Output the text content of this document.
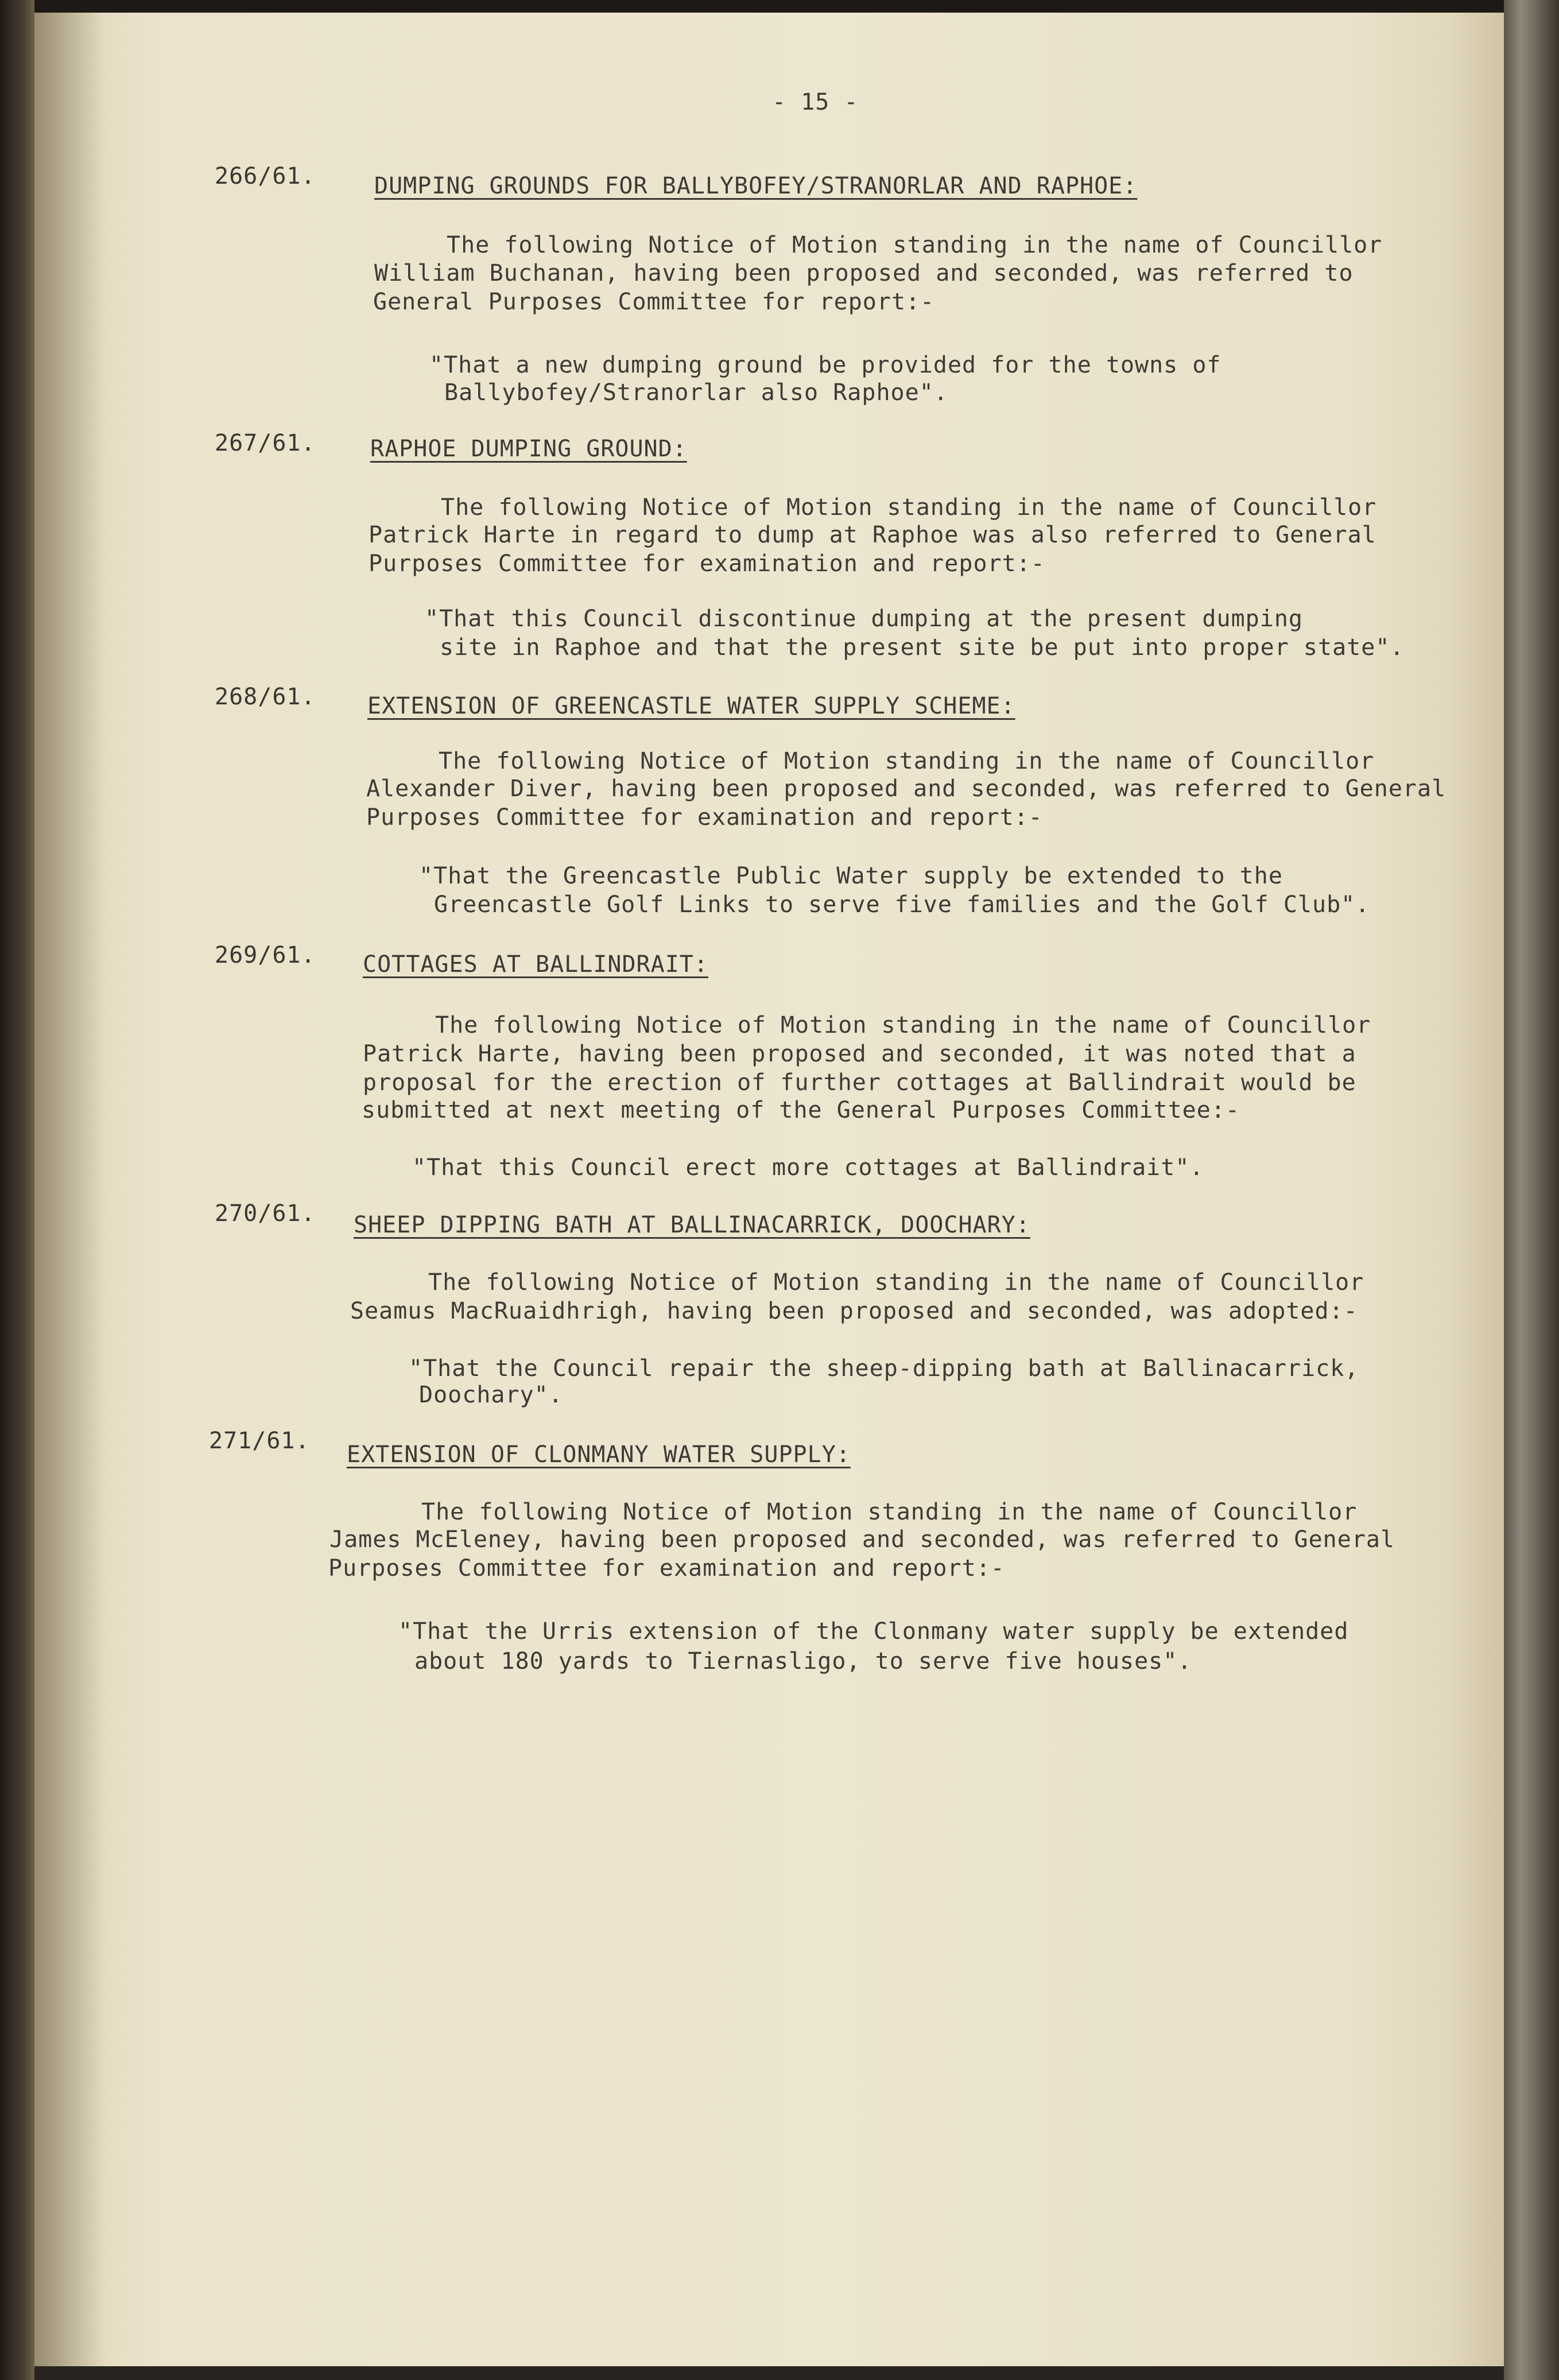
- 15 -
266/61.	DUMPING GROUNDS FOR BALLYBOFEY/STRANORLAR AND RAPHOE:
The following Notice of Motion standing in the name of Councillor
William Buchanan, having been proposed and seconded, was referred to
General Purposes Committee for report:-
"That a new dumping ground be provided for the towns of
Ballybofey/Stranorlar also Raphoe".
267/61. RAPHOE DUMPING GROUND:
The following Notice of Motion standing in the name of Councillor
Patrick Harte in regard to dump at Raphoe was also referred to General
Purposes Committee for examination and report:-
"That this Council discontinue dumping at the present dumping
site in Raphoe and that the present site be put into proper state".
268/61. EXTENSION OF GREENCASTLE WATER SUPPLY SCHEME:
The following Notice of Motion standing in the name of Councillor
Alexander Diver, having been proposed and seconded, was referred to General
Purposes Committee for examination and report:-
"That the Greencastle Public Water supply be extended to the
Greencastle Golf Links to serve five families and the Golf Club".
269/61. COTTAGES AT BALLINDRAIT:
The following Notice of Motion standing in the name of Councillor
Patrick Harte, having been proposed and seconded, it was noted that a
proposal for the erection of further cottages at Ballindrait would be
submitted at next meeting of the General Purposes Committee:-
"That this Council erect more cottages at Ballindrait".
270/61. SHEEP DIPPING BATH AT BALLINACARRICK, DOOCHARY:
The following Notice of Motion standing in the name of Councillor
Seamus MacRuaidhrigh, having been proposed and seconded, was adopted:-
"That the Council repair the sheep-dipping bath at Ballinacarrick,
Doochary".
271/61.
EXTENSION OF CLONMANY WATER SUPPLY:
The following Notice of Motion standing in the name of Councillor
James McEleney, having been proposed and seconded, was referred to General
Purposes Committee for examination and report:-
"That the Urris extension of the Clonmany water supply be extended
about 180 yards to Tiernasligo, to serve five houses".
